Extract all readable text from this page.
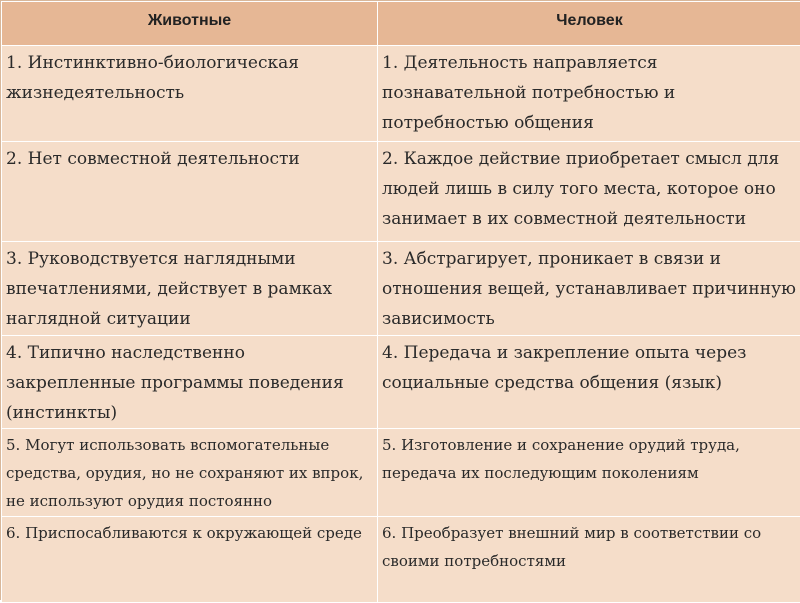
Животные	Человек
1. Инстинктивно-биологическая жизнедеятельность	1. Деятельность направляется познавательной потребностью и потребностью общения
2. Нет совместной деятельности	2. Каждое действие приобретает смысл для людей лишь в силу того места, которое оно занимает в их совместной деятельности
3. Руководствуется наглядными впечатлениями, действует в рамках наглядной ситуации	3. Абстрагирует, проникает в связи и отношения вещей, устанавливает причинную зависимость
4. Типично наследственно закрепленные программы поведения (инстинкты)	4. Передача и закрепление опыта через социальные средства общения (язык)
5. Могут использовать вспомогательные средства, орудия, но не сохраняют их впрок, не используют орудия постоянно	5. Изготовление и сохранение орудий труда, передача их последующим поколениям
6. Приспосабливаются к окружающей среде	6. Преобразует внешний мир в соответствии со своими потребностями
